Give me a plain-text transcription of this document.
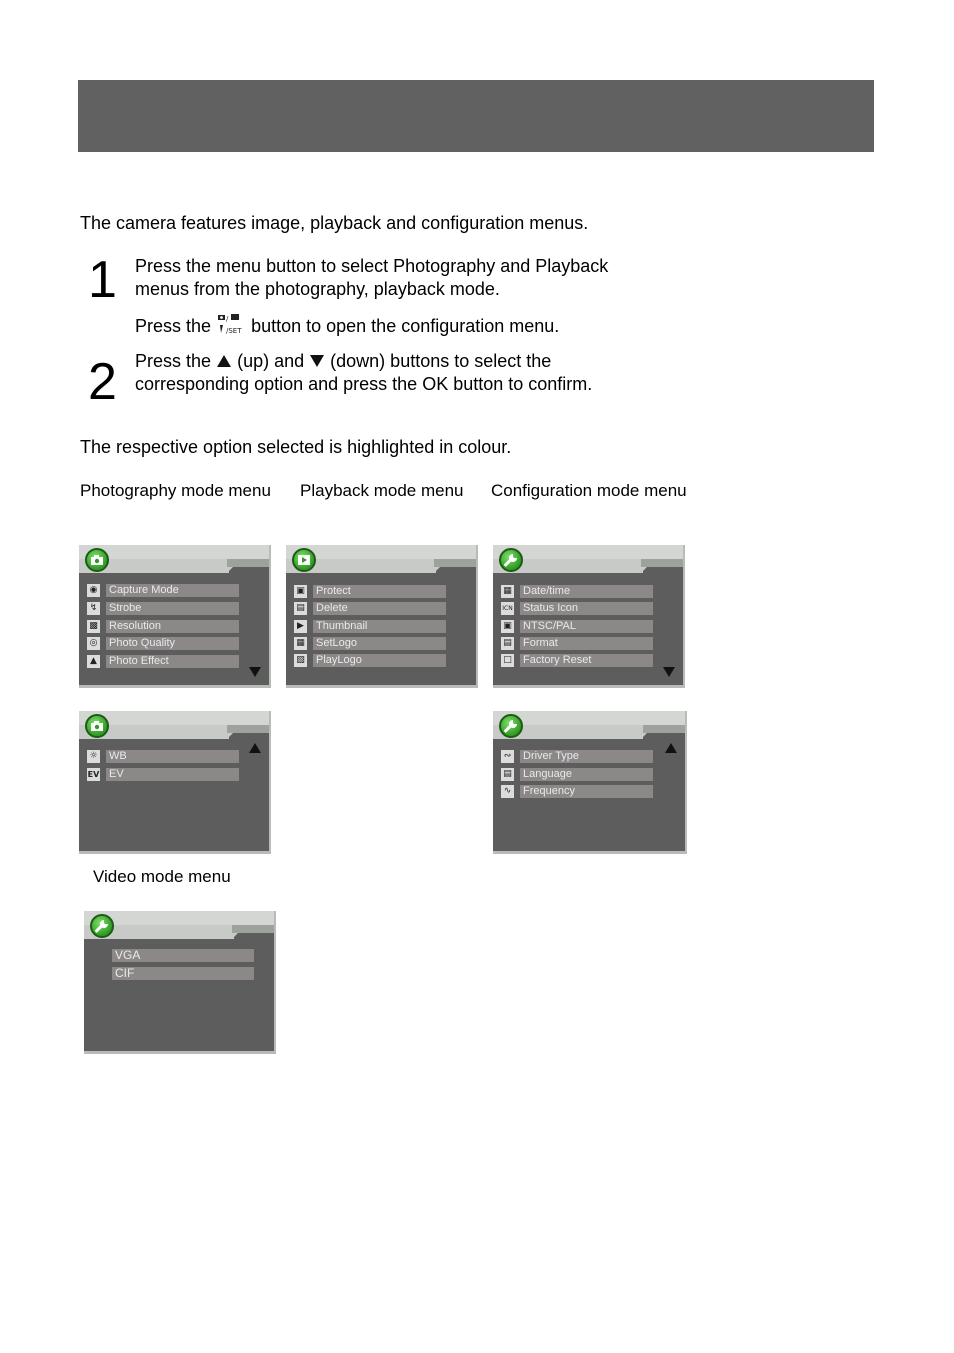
The camera features image, playback and configuration menus.
1 Press the menu button to select Photography and Playback
menus from the photography, playback mode.
Press the /
/SET button to open the configuration menu.
2 Press the (up) and (down) buttons to select the
corresponding option and press the OK button to confirm.
The respective option selected is highlighted in colour.
Photography mode menu Playback mode menu Configuration mode menu
◉ Capture Mode
↯ Strobe
▩ Resolution
◎ Photo Quality
▲ Photo Effect
▣ Protect
▤ Delete
▶ Thumbnail
▦ SetLogo
▧ PlayLogo
▦ Date/time
ICN Status Icon
▣ NTSC/PAL
▤ Format
□ Factory Reset
☼ WB
EV EV
∾ Driver Type
▤ Language
∿ Frequency
Video mode menu
VGA
CIF
